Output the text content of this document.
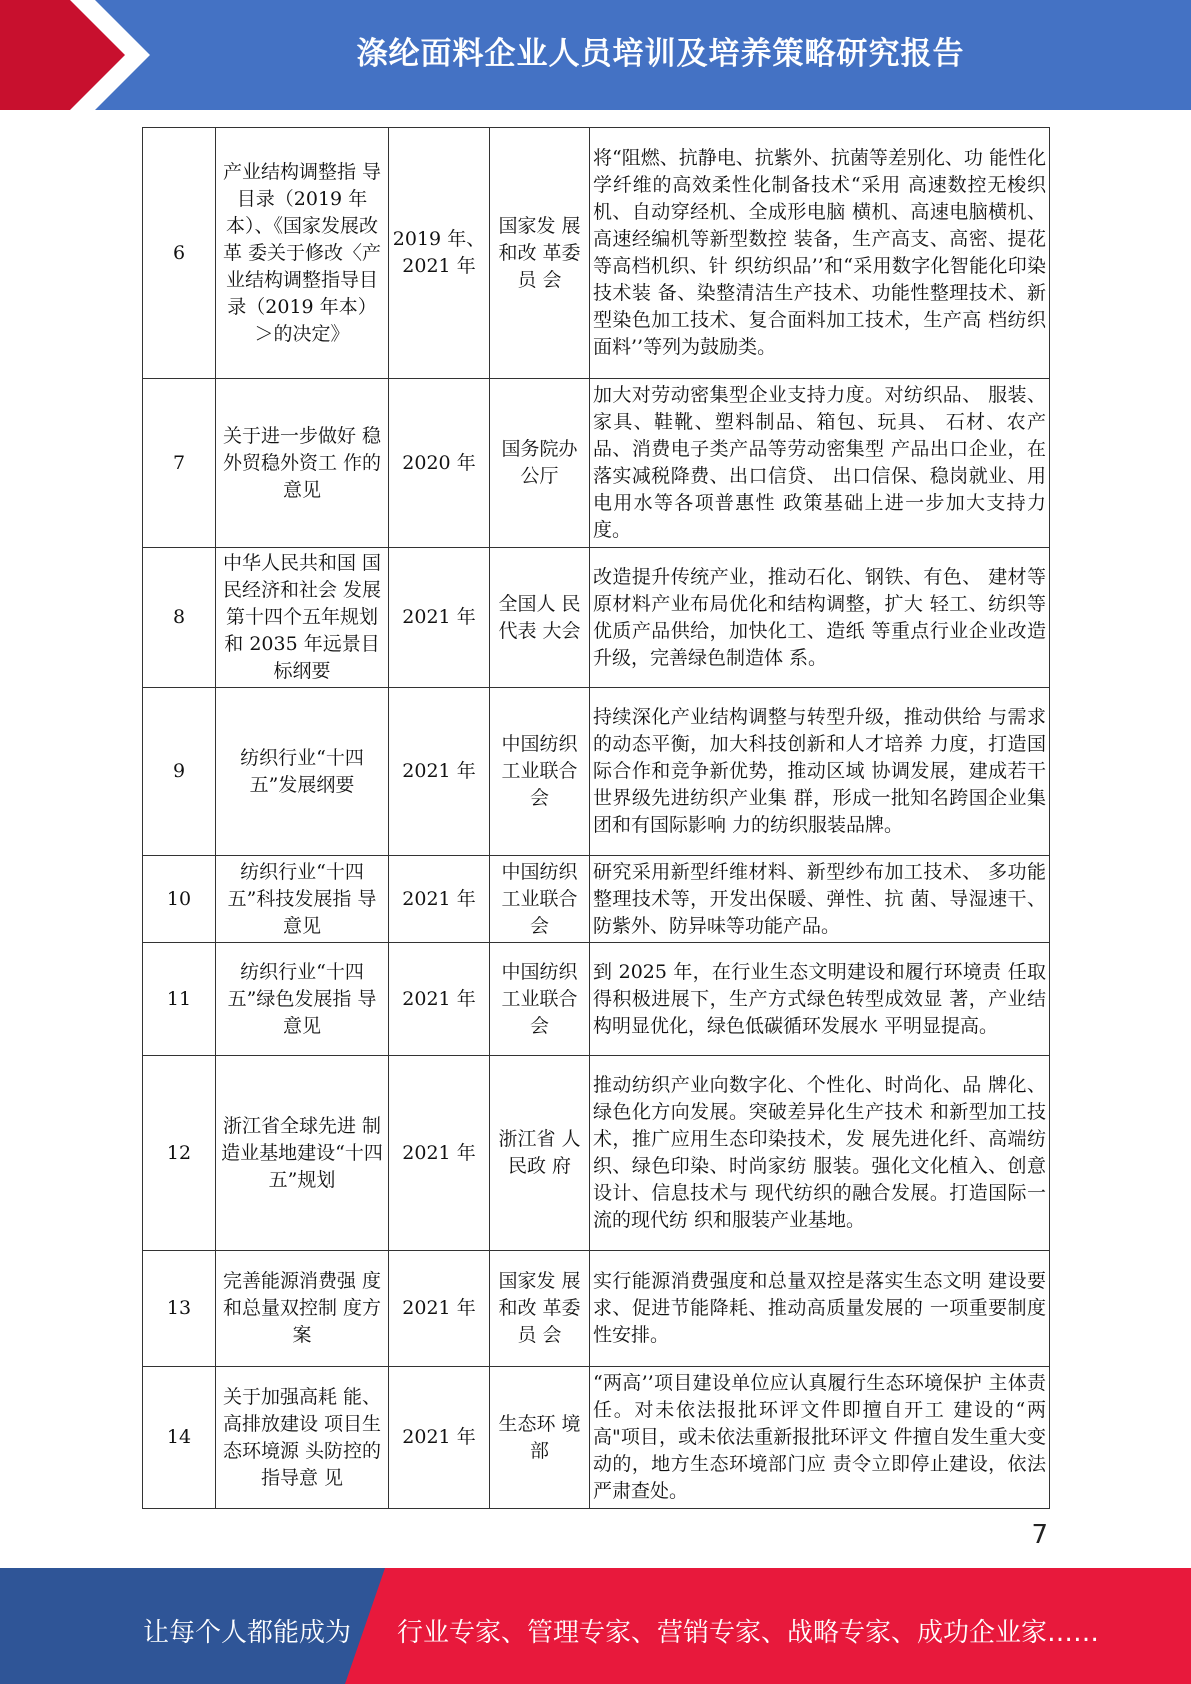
涤纶面料企业人员培训及培养策略研究报告
6	产业结构调整指 导目录（2019 年本）、《国家发展改革 委关于修改〈产 业结构调整指导目录（2019 年本）＞的决定》	2019 年、2021 年	国家发 展和改 革委员 会	将“阻燃、抗静电、抗紫外、抗菌等差别化、功 能性化学纤维的高效柔性化制备技术“采用 高速数控无梭织机、自动穿经机、全成形电脑 横机、高速电脑横机、高速经编机等新型数控 装备，生产高支、高密、提花等高档机织、针 织纺织品’’和“采用数字化智能化印染技术装 备、染整清洁生产技术、功能性整理技术、新 型染色加工技术、复合面料加工技术，生产高 档纺织面料’’等列为鼓励类。
7	关于进一步做好 稳外贸稳外资工 作的意见	2020 年	国务院办公厅	加大对劳动密集型企业支持力度。对纺织品、 服装、家具、鞋靴、塑料制品、箱包、玩具、 石材、农产品、消费电子类产品等劳动密集型 产品出口企业，在落实减税降费、出口信贷、 出口信保、稳岗就业、用电用水等各项普惠性 政策基础上进一步加大支持力度。
8	中华人民共和国 国民经济和社会 发展第十四个五年规划和 2035 年远景目标纲要	2021 年	全国人 民代表 大会	改造提升传统产业，推动石化、钢铁、有色、 建材等原材料产业布局优化和结构调整，扩大 轻工、纺织等优质产品供给，加快化工、造纸 等重点行业企业改造升级，完善绿色制造体 系。
9	纺织行业“十四五”发展纲要	2021 年	中国纺织工业联合会	持续深化产业结构调整与转型升级，推动供给 与需求的动态平衡，加大科技创新和人才培养 力度，打造国际合作和竞争新优势，推动区域 协调发展，建成若干世界级先进纺织产业集 群，形成一批知名跨国企业集团和有国际影响 力的纺织服装品牌。
10	纺织行业“十四五”科技发展指 导意见	2021 年	中国纺织工业联合会	研究采用新型纤维材料、新型纱布加工技术、 多功能整理技术等，开发出保暖、弹性、抗 菌、导湿速干、防紫外、防异味等功能产品。
11	纺织行业“十四五”绿色发展指 导意见	2021 年	中国纺织工业联合会	到 2025 年，在行业生态文明建设和履行环境责 任取得积极进展下，生产方式绿色转型成效显 著，产业结构明显优化，绿色低碳循环发展水 平明显提高。
12	浙江省全球先进 制造业基地建设“十四五”规划	2021 年	浙江省 人民政 府	推动纺织产业向数字化、个性化、时尚化、品 牌化、绿色化方向发展。突破差异化生产技术 和新型加工技术，推广应用生态印染技术，发 展先进化纤、高端纺织、绿色印染、时尚家纺 服装。强化文化植入、创意设计、信息技术与 现代纺织的融合发展。打造国际一流的现代纺 织和服装产业基地。
13	完善能源消费强 度和总量双控制 度方案	2021 年	国家发 展和改 革委员 会	实行能源消费强度和总量双控是落实生态文明 建设要求、促进节能降耗、推动高质量发展的 一项重要制度性安排。
14	关于加强高耗 能、高排放建设 项目生态环境源 头防控的指导意 见	2021 年	生态环 境部	“两高’’项目建设单位应认真履行生态环境保护 主体责任。对未依法报批环评文件即擅自开工 建设的“两高"项目，或未依法重新报批环评文 件擅自发生重大变动的，地方生态环境部门应 责令立即停止建设，依法严肃查处。
7
让每个人都能成为 行业专家、管理专家、营销专家、战略专家、成功企业家……
